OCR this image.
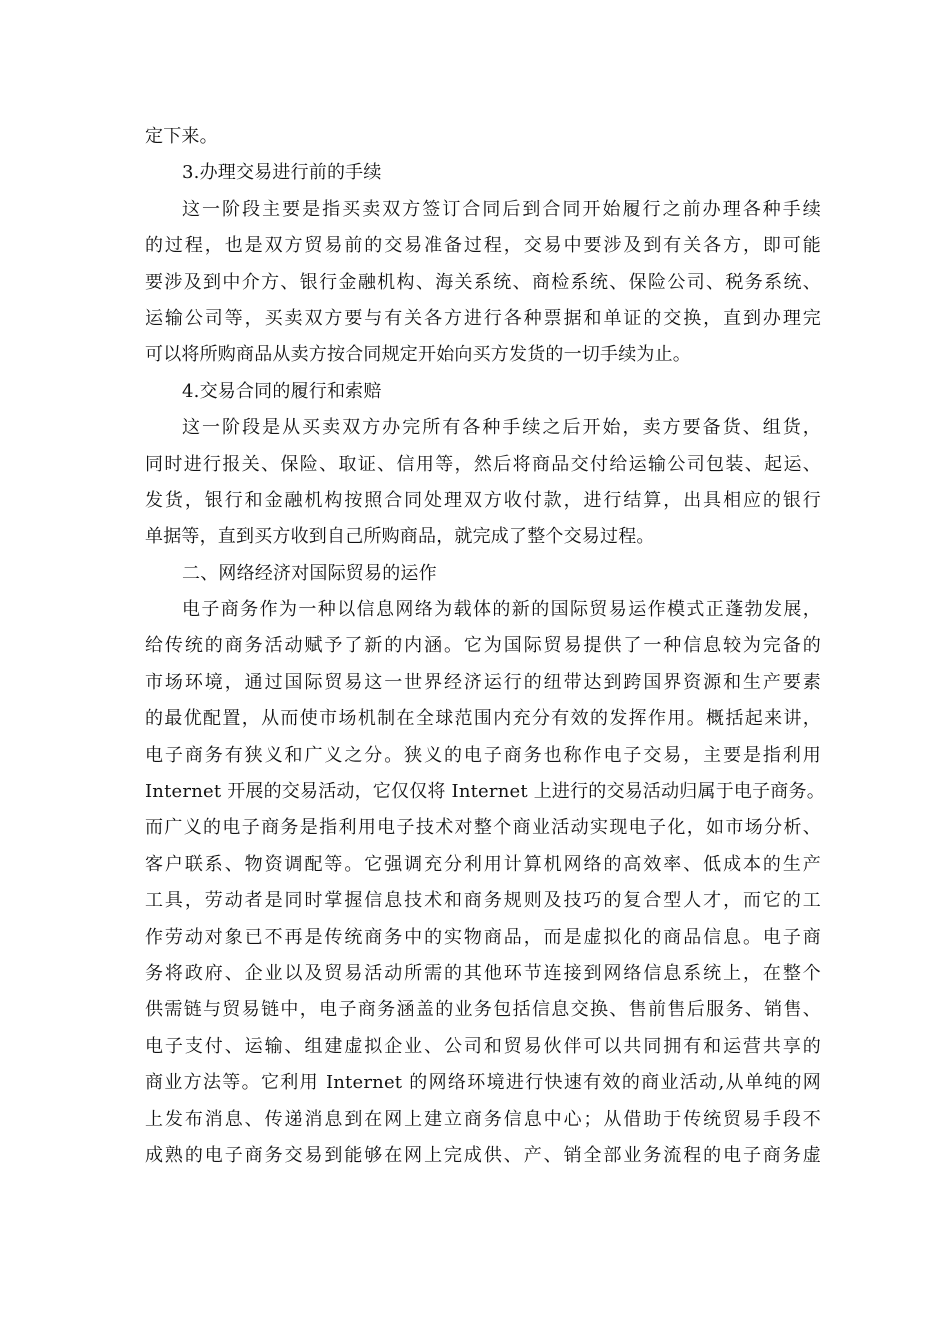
定下来。
3.办理交易进行前的手续
这一阶段主要是指买卖双方签订合同后到合同开始履行之前办理各种手续
的过程，也是双方贸易前的交易准备过程，交易中要涉及到有关各方，即可能
要涉及到中介方、银行金融机构、海关系统、商检系统、保险公司、税务系统、
运输公司等，买卖双方要与有关各方进行各种票据和单证的交换，直到办理完
可以将所购商品从卖方按合同规定开始向买方发货的一切手续为止。
4.交易合同的履行和索赔
这一阶段是从买卖双方办完所有各种手续之后开始，卖方要备货、组货，
同时进行报关、保险、取证、信用等，然后将商品交付给运输公司包装、起运、
发货，银行和金融机构按照合同处理双方收付款，进行结算，出具相应的银行
单据等，直到买方收到自己所购商品，就完成了整个交易过程。
二、网络经济对国际贸易的运作
电子商务作为一种以信息网络为载体的新的国际贸易运作模式正蓬勃发展，
给传统的商务活动赋予了新的内涵。它为国际贸易提供了一种信息较为完备的
市场环境，通过国际贸易这一世界经济运行的纽带达到跨国界资源和生产要素
的最优配置，从而使市场机制在全球范围内充分有效的发挥作用。概括起来讲，
电子商务有狭义和广义之分。狭义的电子商务也称作电子交易，主要是指利用
Internet 开展的交易活动，它仅仅将 Internet 上进行的交易活动归属于电子商务。
而广义的电子商务是指利用电子技术对整个商业活动实现电子化，如市场分析、
客户联系、物资调配等。它强调充分利用计算机网络的高效率、低成本的生产
工具，劳动者是同时掌握信息技术和商务规则及技巧的复合型人才，而它的工
作劳动对象已不再是传统商务中的实物商品，而是虚拟化的商品信息。电子商
务将政府、企业以及贸易活动所需的其他环节连接到网络信息系统上，在整个
供需链与贸易链中，电子商务涵盖的业务包括信息交换、售前售后服务、销售、
电子支付、运输、组建虚拟企业、公司和贸易伙伴可以共同拥有和运营共享的
商业方法等。它利用 Internet 的网络环境进行快速有效的商业活动,从单纯的网
上发布消息、传递消息到在网上建立商务信息中心；从借助于传统贸易手段不
成熟的电子商务交易到能够在网上完成供、产、销全部业务流程的电子商务虚
